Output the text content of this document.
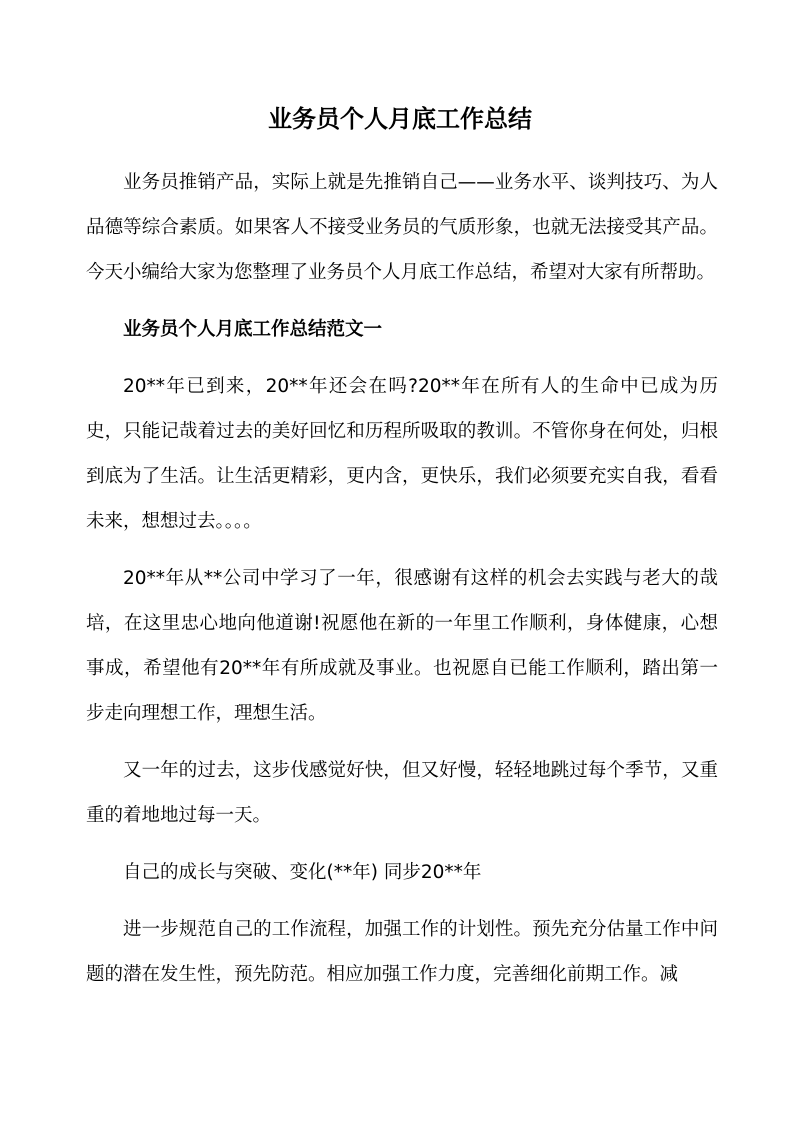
业务员个人月底工作总结

业务员推销产品，实际上就是先推销自己——业务水平、谈判技巧、为人品德等综合素质。如果客人不接受业务员的气质形象，也就无法接受其产品。今天小编给大家为您整理了业务员个人月底工作总结，希望对大家有所帮助。

业务员个人月底工作总结范文一

20**年已到来，20**年还会在吗?20**年在所有人的生命中已成为历史，只能记哉着过去的美好回忆和历程所吸取的教训。不管你身在何处，归根到底为了生活。让生活更精彩，更内含，更快乐，我们必须要充实自我，看看未来，想想过去。。。。

20**年从**公司中学习了一年，很感谢有这样的机会去实践与老大的哉培，在这里忠心地向他道谢!祝愿他在新的一年里工作顺利，身体健康，心想事成，希望他有20**年有所成就及事业。也祝愿自已能工作顺利，踏出第一步走向理想工作，理想生活。

又一年的过去，这步伐感觉好快，但又好慢，轻轻地跳过每个季节，又重重的着地地过每一天。

自己的成长与突破、变化(**年) 同步20**年

进一步规范自己的工作流程，加强工作的计划性。预先充分估量工作中问题的潜在发生性，预先防范。相应加强工作力度，完善细化前期工作。减
